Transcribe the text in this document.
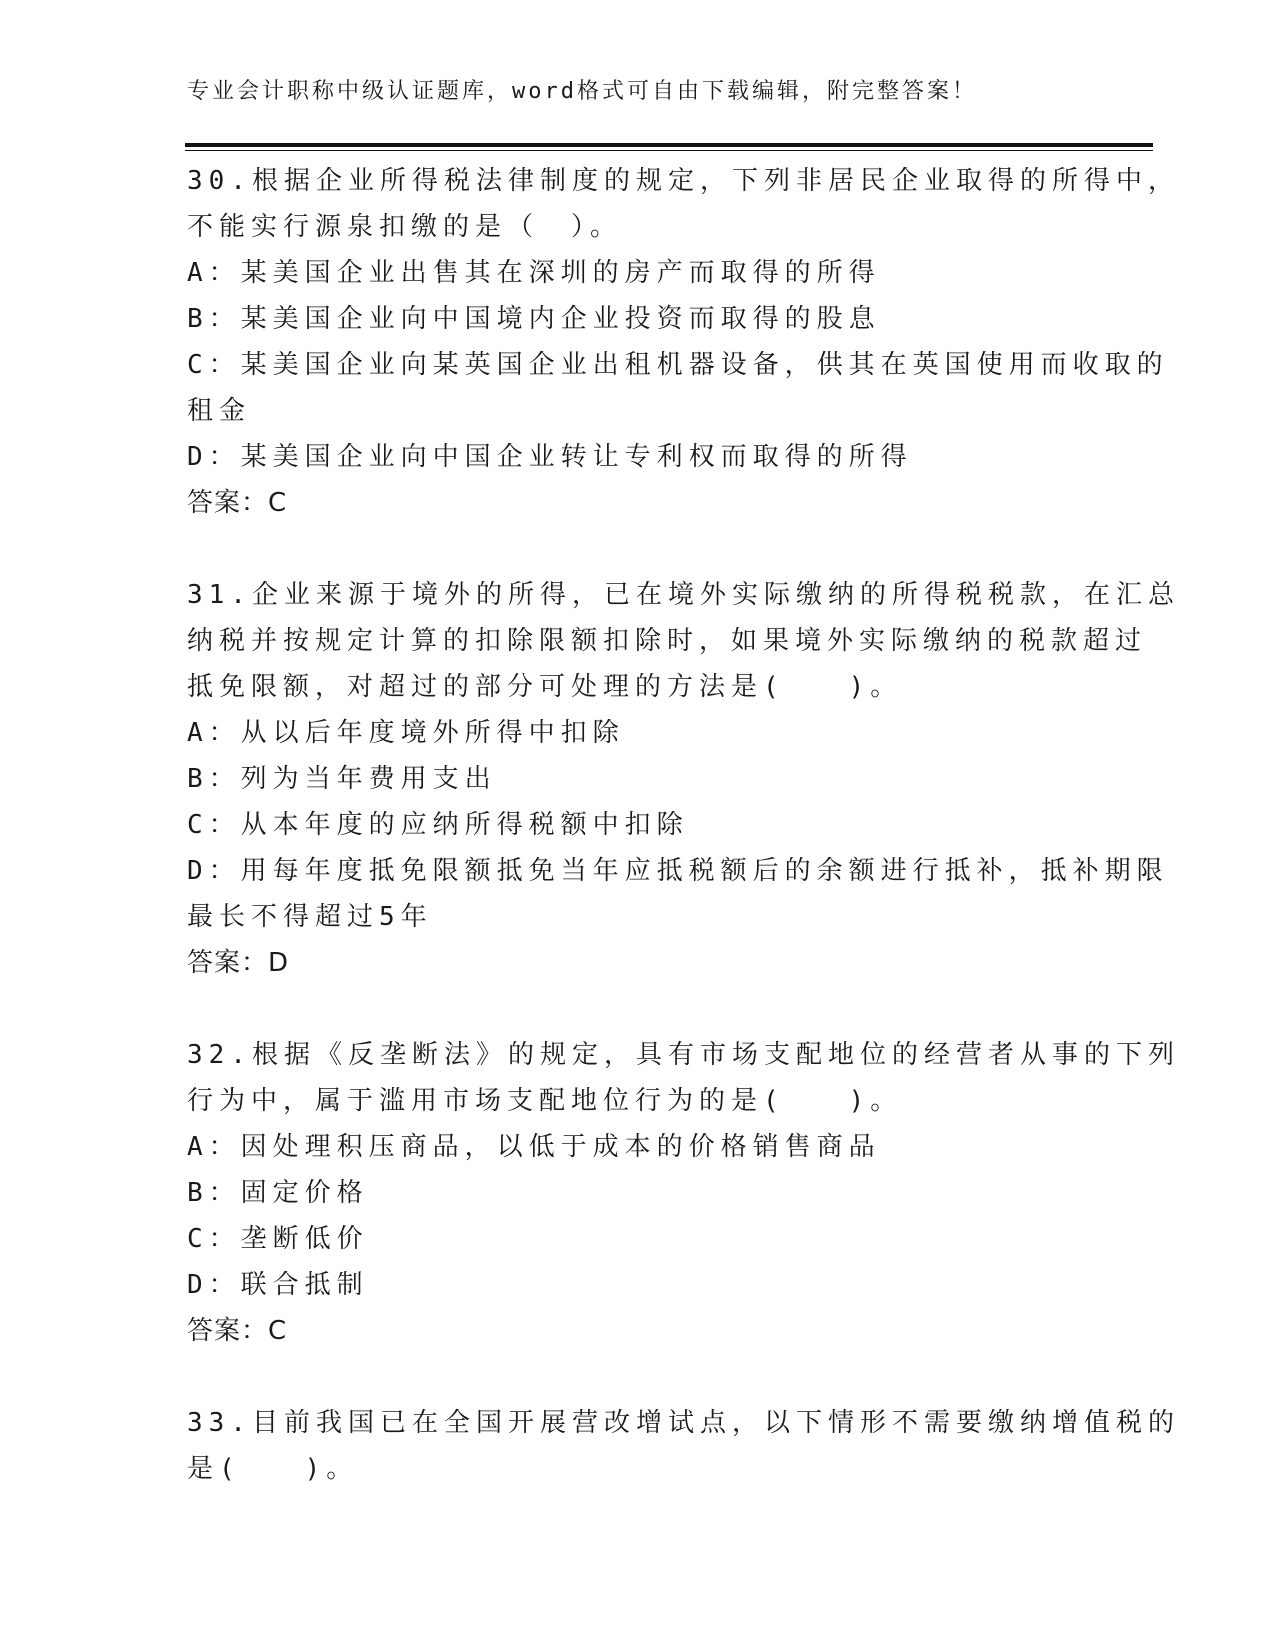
专业会计职称中级认证题库，word格式可自由下载编辑，附完整答案！
30.根据企业所得税法律制度的规定，下列非居民企业取得的所得中，
不能实行源泉扣缴的是（　）。
A：某美国企业出售其在深圳的房产而取得的所得
B：某美国企业向中国境内企业投资而取得的股息
C：某美国企业向某英国企业出租机器设备，供其在英国使用而收取的
租金
D：某美国企业向中国企业转让专利权而取得的所得
答案：C
31.企业来源于境外的所得，已在境外实际缴纳的所得税税款，在汇总
纳税并按规定计算的扣除限额扣除时，如果境外实际缴纳的税款超过
抵免限额，对超过的部分可处理的方法是(　　)。
A：从以后年度境外所得中扣除
B：列为当年费用支出
C：从本年度的应纳所得税额中扣除
D：用每年度抵免限额抵免当年应抵税额后的余额进行抵补，抵补期限
最长不得超过5年
答案：D
32.根据《反垄断法》的规定，具有市场支配地位的经营者从事的下列
行为中，属于滥用市场支配地位行为的是(　　)。
A：因处理积压商品，以低于成本的价格销售商品
B：固定价格
C：垄断低价
D：联合抵制
答案：C
33.目前我国已在全国开展营改增试点，以下情形不需要缴纳增值税的
是(　　)。
